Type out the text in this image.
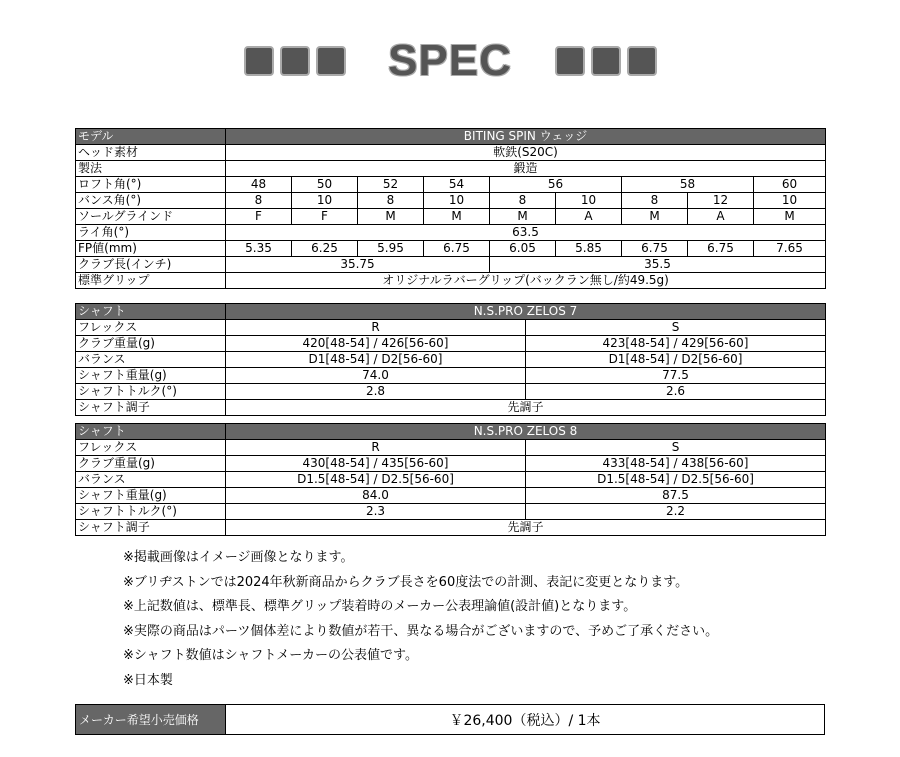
SPEC
モデル	BITING SPIN ウェッジ								
ヘッド素材	軟鉄(S20C)								
製法	鍛造								
ロフト角(°)	48	50	52	54	56		58		60
バンス角(°)	8	10	8	10	8	10	8	12	10
ソールグラインド	F	F	M	M	M	A	M	A	M
ライ角(°)	63.5								
FP値(mm)	5.35	6.25	5.95	6.75	6.05	5.85	6.75	6.75	7.65
クラブ長(インチ)	35.75				35.5				
標準グリップ	オリジナルラバーグリップ(バックラン無し/約49.5g)								
シャフト	N.S.PRO ZELOS 7	
フレックス	R	S
クラブ重量(g)	420[48-54] / 426[56-60]	423[48-54] / 429[56-60]
バランス	D1[48-54] / D2[56-60]	D1[48-54] / D2[56-60]
シャフト重量(g)	74.0	77.5
シャフトトルク(°)	2.8	2.6
シャフト調子	先調子	
シャフト	N.S.PRO ZELOS 8	
フレックス	R	S
クラブ重量(g)	430[48-54] / 435[56-60]	433[48-54] / 438[56-60]
バランス	D1.5[48-54] / D2.5[56-60]	D1.5[48-54] / D2.5[56-60]
シャフト重量(g)	84.0	87.5
シャフトトルク(°)	2.3	2.2
シャフト調子	先調子	
※掲載画像はイメージ画像となります。
※ブリヂストンでは2024年秋新商品からクラブ長さを60度法での計測、表記に変更となります。
※上記数値は、標準長、標準グリップ装着時のメーカー公表理論値(設計値)となります。
※実際の商品はパーツ個体差により数値が若干、異なる場合がございますので、予めご了承ください。
※シャフト数値はシャフトメーカーの公表値です。
※日本製
メーカー希望小売価格	￥26,400（税込）/ 1本
